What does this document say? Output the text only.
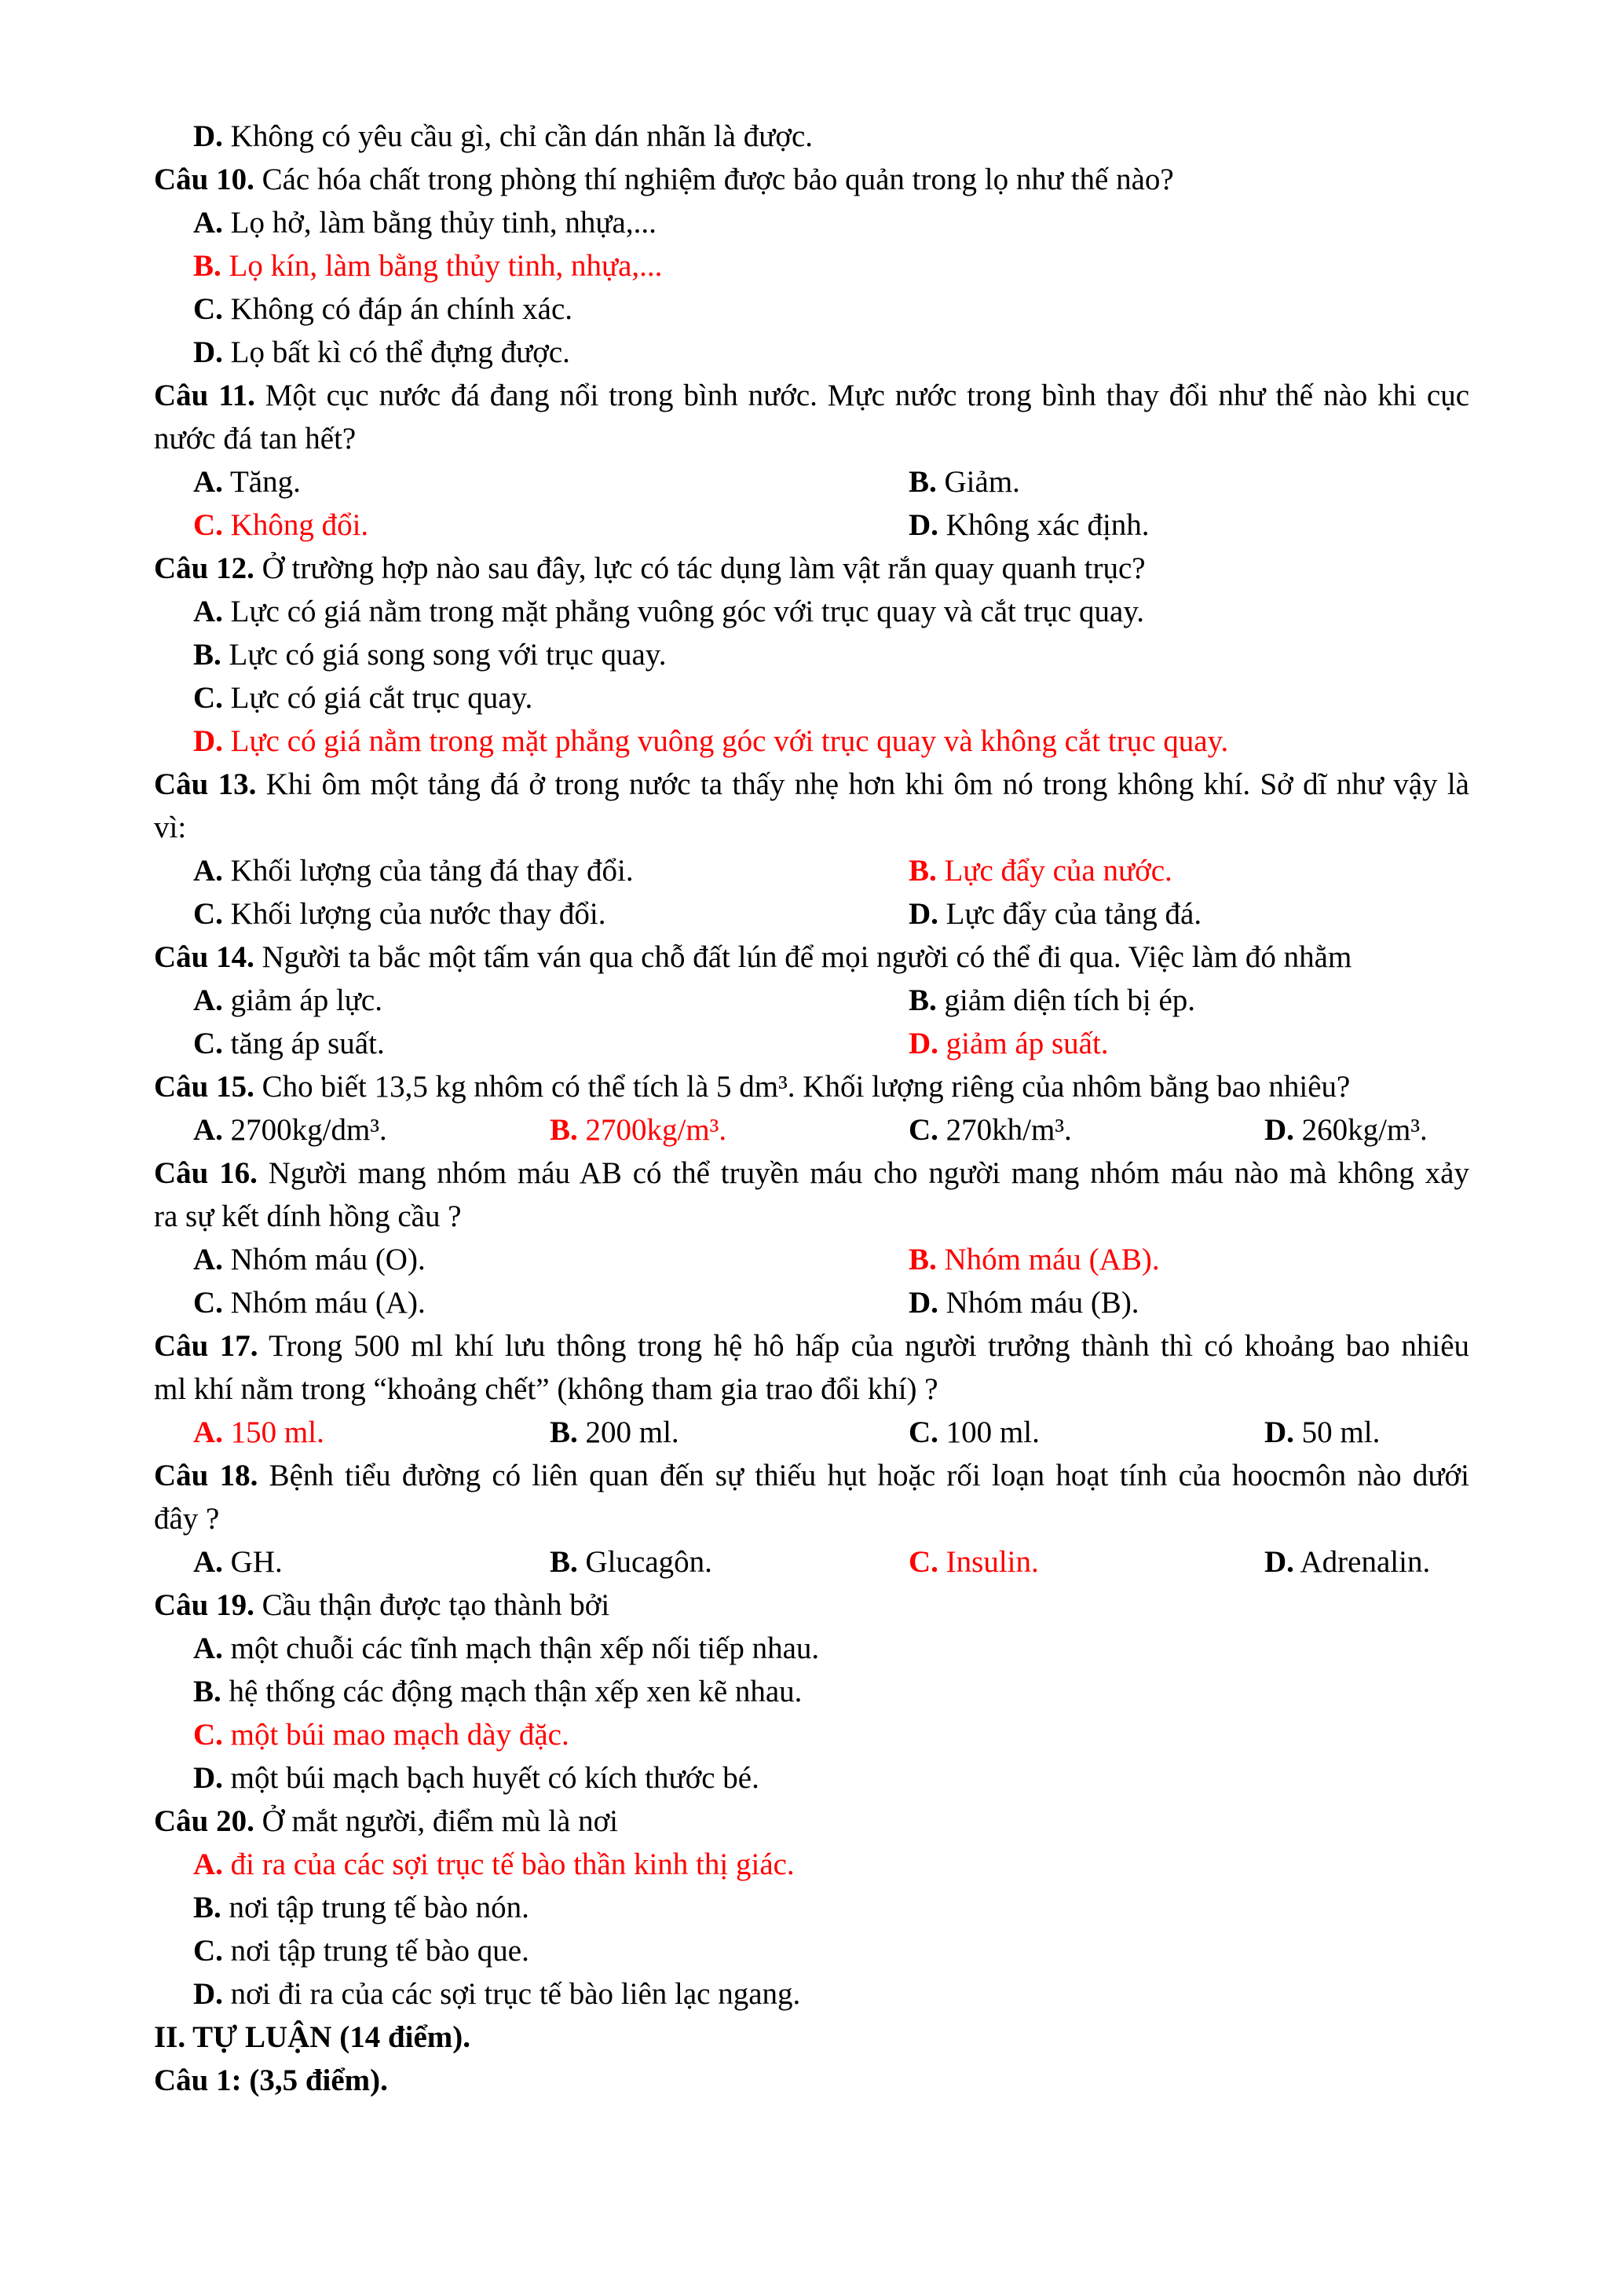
D. Không có yêu cầu gì, chỉ cần dán nhãn là được.
Câu 10. Các hóa chất trong phòng thí nghiệm được bảo quản trong lọ như thế nào?
A. Lọ hở, làm bằng thủy tinh, nhựa,...
B. Lọ kín, làm bằng thủy tinh, nhựa,...
C. Không có đáp án chính xác.
D. Lọ bất kì có thể đựng được.
Câu 11. Một cục nước đá đang nổi trong bình nước. Mực nước trong bình thay đổi như thế nào khi cục
nước đá tan hết?
A. Tăng.	B. Giảm.
C. Không đổi.	D. Không xác định.
Câu 12. Ở trường hợp nào sau đây, lực có tác dụng làm vật rắn quay quanh trục?
A. Lực có giá nằm trong mặt phẳng vuông góc với trục quay và cắt trục quay.
B. Lực có giá song song với trục quay.
C. Lực có giá cắt trục quay.
D. Lực có giá nằm trong mặt phẳng vuông góc với trục quay và không cắt trục quay.
Câu 13. Khi ôm một tảng đá ở trong nước ta thấy nhẹ hơn khi ôm nó trong không khí. Sở dĩ như vậy là
vì:
A. Khối lượng của tảng đá thay đổi.	B. Lực đẩy của nước.
C. Khối lượng của nước thay đổi.	D. Lực đẩy của tảng đá.
Câu 14. Người ta bắc một tấm ván qua chỗ đất lún để mọi người có thể đi qua. Việc làm đó nhằm
A. giảm áp lực.	B. giảm diện tích bị ép.
C. tăng áp suất.	D. giảm áp suất.
Câu 15. Cho biết 13,5 kg nhôm có thể tích là 5 dm³. Khối lượng riêng của nhôm bằng bao nhiêu?
A. 2700kg/dm³.	B. 2700kg/m³.	C. 270kh/m³.	D. 260kg/m³.
Câu 16. Người mang nhóm máu AB có thể truyền máu cho người mang nhóm máu nào mà không xảy
ra sự kết dính hồng cầu ?
A. Nhóm máu (O).	B. Nhóm máu (AB).
C. Nhóm máu (A).	D. Nhóm máu (B).
Câu 17. Trong 500 ml khí lưu thông trong hệ hô hấp của người trưởng thành thì có khoảng bao nhiêu
ml khí nằm trong “khoảng chết” (không tham gia trao đổi khí) ?
A. 150 ml.	B. 200 ml.	C. 100 ml.	D. 50 ml.
Câu 18. Bệnh tiểu đường có liên quan đến sự thiếu hụt hoặc rối loạn hoạt tính của hoocmôn nào dưới
đây ?
A. GH.	B. Glucagôn.	C. Insulin.	D. Adrenalin.
Câu 19. Cầu thận được tạo thành bởi
A. một chuỗi các tĩnh mạch thận xếp nối tiếp nhau.
B. hệ thống các động mạch thận xếp xen kẽ nhau.
C. một búi mao mạch dày đặc.
D. một búi mạch bạch huyết có kích thước bé.
Câu 20. Ở mắt người, điểm mù là nơi
A. đi ra của các sợi trục tế bào thần kinh thị giác.
B. nơi tập trung tế bào nón.
C. nơi tập trung tế bào que.
D. nơi đi ra của các sợi trục tế bào liên lạc ngang.
II. TỰ LUẬN (14 điểm).
Câu 1: (3,5 điểm).
